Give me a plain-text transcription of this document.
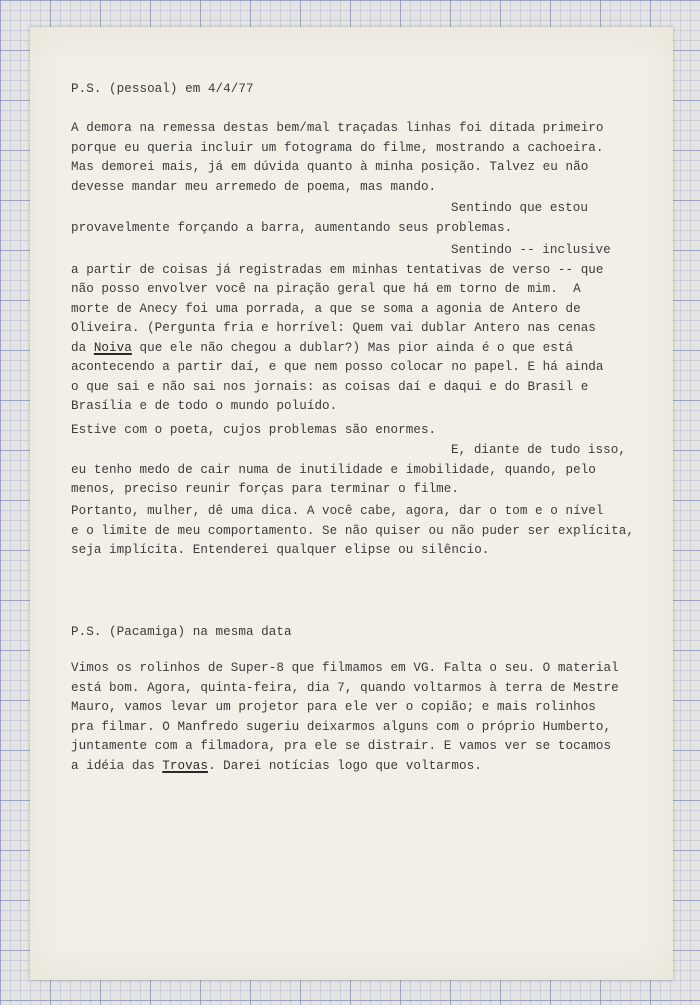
P.S. (pessoal) em 4/4/77

A demora na remessa destas bem/mal traçadas linhas foi ditada primeiro

porque eu queria incluir um fotograma do filme, mostrando a cachoeira.

Mas demorei mais, já em dúvida quanto à minha posição. Talvez eu não

devesse mandar meu arremedo de poema, mas mando.

Sentindo que estou

provavelmente forçando a barra, aumentando seus problemas.

Sentindo -- inclusive

a partir de coisas já registradas em minhas tentativas de verso -- que

não posso envolver você na piração geral que há em torno de mim.  A

morte de Anecy foi uma porrada, a que se soma a agonia de Antero de

Oliveira. (Pergunta fria e horrível: Quem vai dublar Antero nas cenas

da Noiva que ele não chegou a dublar?) Mas pior ainda é o que está

acontecendo a partir daí, e que nem posso colocar no papel. E há ainda

o que sai e não sai nos jornais: as coisas daí e daqui e do Brasil e

Brasília e de todo o mundo poluído.

Estive com o poeta, cujos problemas são enormes.

E, diante de tudo isso,

eu tenho medo de cair numa de inutilidade e imobilidade, quando, pelo

menos, preciso reunir forças para terminar o filme.

Portanto, mulher, dê uma dica. A você cabe, agora, dar o tom e o nível

e o limite de meu comportamento. Se não quiser ou não puder ser explícita,

seja implícita. Entenderei qualquer elipse ou silêncio.

P.S. (Pacamiga) na mesma data

Vimos os rolinhos de Super-8 que filmamos em VG. Falta o seu. O material

está bom. Agora, quinta-feira, dia 7, quando voltarmos à terra de Mestre

Mauro, vamos levar um projetor para ele ver o copião; e mais rolinhos

pra filmar. O Manfredo sugeriu deixarmos alguns com o próprio Humberto,

juntamente com a filmadora, pra ele se distrair. E vamos ver se tocamos

a idéia das Trovas. Darei notícias logo que voltarmos.
